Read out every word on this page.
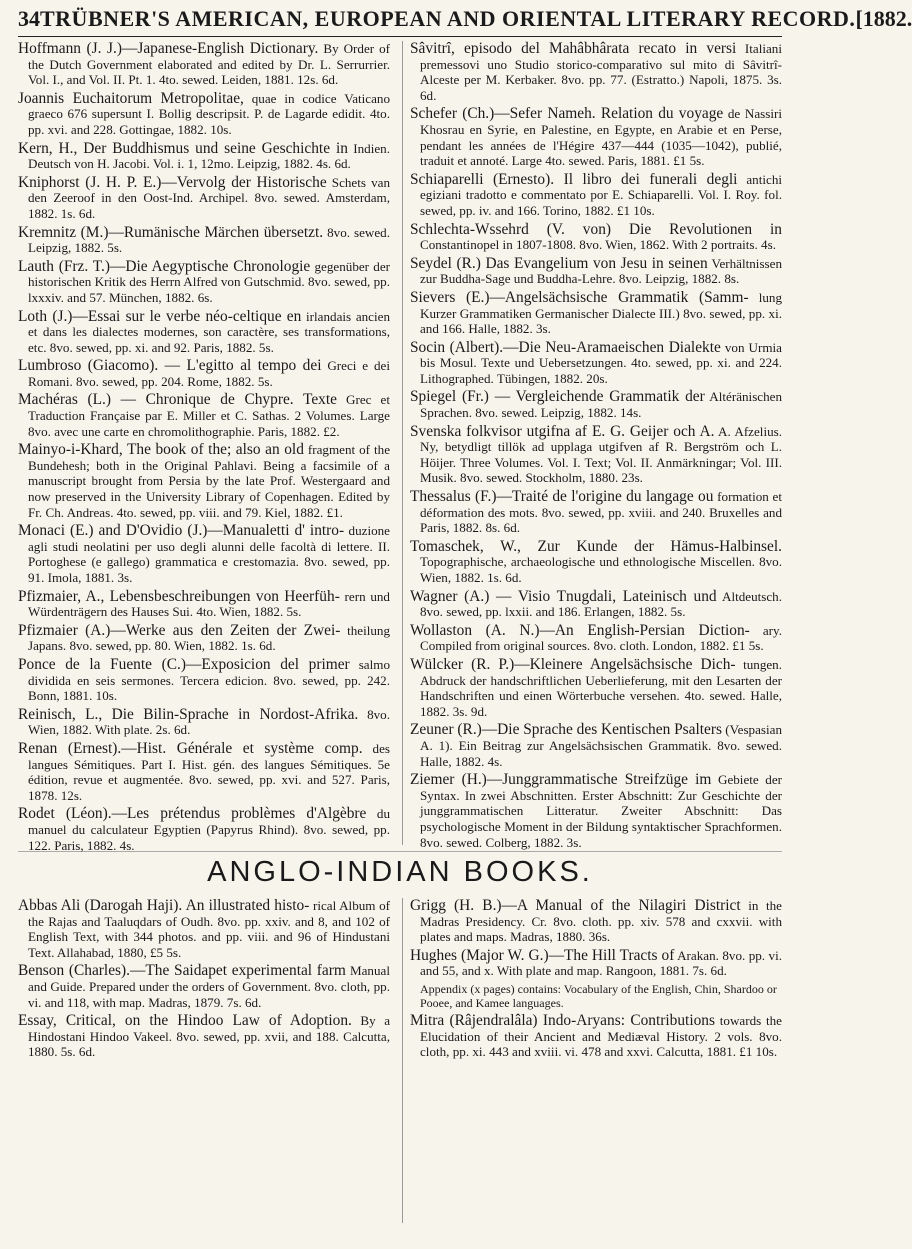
34 TRÜBNER'S AMERICAN, EUROPEAN AND ORIENTAL LITERARY RECORD. [1882.

Hoffmann (J. J.)—Japanese-English Dictionary. By Order of the Dutch Government elaborated and edited by Dr. L. Serrurrier. Vol. I., and Vol. II. Pt. 1. 4to. sewed. Leiden, 1881. 12s. 6d.

Joannis Euchaitorum Metropolitae, quae in codice Vaticano graeco 676 supersunt I. Bollig descripsit. P. de Lagarde edidit. 4to. pp. xvi. and 228. Gottingae, 1882. 10s.

Kern, H., Der Buddhismus und seine Geschichte in Indien. Deutsch von H. Jacobi. Vol. i. 1, 12mo. Leipzig, 1882. 4s. 6d.

Kniphorst (J. H. P. E.)—Vervolg der Historische Schets van den Zeeroof in den Oost-Ind. Archipel. 8vo. sewed. Amsterdam, 1882. 1s. 6d.

Kremnitz (M.)—Rumänische Märchen übersetzt. 8vo. sewed. Leipzig, 1882. 5s.

Lauth (Frz. T.)—Die Aegyptische Chronologie gegenüber der historischen Kritik des Herrn Alfred von Gutschmid. 8vo. sewed, pp. lxxxiv. and 57. München, 1882. 6s.

Loth (J.)—Essai sur le verbe néo-celtique en irlandais ancien et dans les dialectes modernes, son caractère, ses transformations, etc. 8vo. sewed, pp. xi. and 92. Paris, 1882. 5s.

Lumbroso (Giacomo). — L'egitto al tempo dei Greci e dei Romani. 8vo. sewed, pp. 204. Rome, 1882. 5s.

Machéras (L.) — Chronique de Chypre. Texte Grec et Traduction Française par E. Miller et C. Sathas. 2 Volumes. Large 8vo. avec une carte en chromolithographie. Paris, 1882. £2.

Mainyo-i-Khard, The book of the; also an old fragment of the Bundehesh; both in the Original Pahlavi. Being a facsimile of a manuscript brought from Persia by the late Prof. Westergaard and now preserved in the University Library of Copenhagen. Edited by Fr. Ch. Andreas. 4to. sewed, pp. viii. and 79. Kiel, 1882. £1.

Monaci (E.) and D'Ovidio (J.)—Manualetti d' intro- duzione agli studi neolatini per uso degli alunni delle facoltà di lettere. II. Portoghese (e gallego) grammatica e crestomazia. 8vo. sewed, pp. 91. Imola, 1881. 3s.

Pfizmaier, A., Lebensbeschreibungen von Heerfüh- rern und Würdenträgern des Hauses Sui. 4to. Wien, 1882. 5s.

Pfizmaier (A.)—Werke aus den Zeiten der Zwei- theilung Japans. 8vo. sewed, pp. 80. Wien, 1882. 1s. 6d.

Ponce de la Fuente (C.)—Exposicion del primer salmo dividida en seis sermones. Tercera edicion. 8vo. sewed, pp. 242. Bonn, 1881. 10s.

Reinisch, L., Die Bilin-Sprache in Nordost-Afrika. 8vo. Wien, 1882. With plate. 2s. 6d.

Renan (Ernest).—Hist. Générale et système comp. des langues Sémitiques. Part I. Hist. gén. des langues Sémitiques. 5e édition, revue et augmentée. 8vo. sewed, pp. xvi. and 527. Paris, 1878. 12s.

Rodet (Léon).—Les prétendus problèmes d'Algèbre du manuel du calculateur Egyptien (Papyrus Rhind). 8vo. sewed, pp. 122. Paris, 1882. 4s.

Sâvitrî, episodo del Mahâbhârata recato in versi Italiani premessovi uno Studio storico-comparativo sul mito di Sâvitrî-Alceste per M. Kerbaker. 8vo. pp. 77. (Estratto.) Napoli, 1875. 3s. 6d.

Schefer (Ch.)—Sefer Nameh. Relation du voyage de Nassiri Khosrau en Syrie, en Palestine, en Egypte, en Arabie et en Perse, pendant les années de l'Hégire 437—444 (1035—1042), publié, traduit et annoté. Large 4to. sewed. Paris, 1881. £1 5s.

Schiaparelli (Ernesto). Il libro dei funerali degli antichi egiziani tradotto e commentato por E. Schiaparelli. Vol. I. Roy. fol. sewed, pp. iv. and 166. Torino, 1882. £1 10s.

Schlechta-Wssehrd (V. von) Die Revolutionen in Constantinopel in 1807-1808. 8vo. Wien, 1862. With 2 portraits. 4s.

Seydel (R.) Das Evangelium von Jesu in seinen Verhältnissen zur Buddha-Sage und Buddha-Lehre. 8vo. Leipzig, 1882. 8s.

Sievers (E.)—Angelsächsische Grammatik (Samm- lung Kurzer Grammatiken Germanischer Dialecte III.) 8vo. sewed, pp. xi. and 166. Halle, 1882. 3s.

Socin (Albert).—Die Neu-Aramaeischen Dialekte von Urmia bis Mosul. Texte und Uebersetzungen. 4to. sewed, pp. xi. and 224. Lithographed. Tübingen, 1882. 20s.

Spiegel (Fr.) — Vergleichende Grammatik der Altéränischen Sprachen. 8vo. sewed. Leipzig, 1882. 14s.

Svenska folkvisor utgifna af E. G. Geijer och A. A. Afzelius. Ny, betydligt tillök ad upplaga utgifven af R. Bergström och L. Höijer. Three Volumes. Vol. I. Text; Vol. II. Anmärkningar; Vol. III. Musik. 8vo. sewed. Stockholm, 1880. 23s.

Thessalus (F.)—Traité de l'origine du langage ou formation et déformation des mots. 8vo. sewed, pp. xviii. and 240. Bruxelles and Paris, 1882. 8s. 6d.

Tomaschek, W., Zur Kunde der Hämus-Halbinsel. Topographische, archaeologische und ethnologische Miscellen. 8vo. Wien, 1882. 1s. 6d.

Wagner (A.) — Visio Tnugdali, Lateinisch und Altdeutsch. 8vo. sewed, pp. lxxii. and 186. Erlangen, 1882. 5s.

Wollaston (A. N.)—An English-Persian Diction- ary. Compiled from original sources. 8vo. cloth. London, 1882. £1 5s.

Wülcker (R. P.)—Kleinere Angelsächsische Dich- tungen. Abdruck der handschriftlichen Ueberlieferung, mit den Lesarten der Handschriften und einen Wörterbuche versehen. 4to. sewed. Halle, 1882. 3s. 9d.

Zeuner (R.)—Die Sprache des Kentischen Psalters (Vespasian A. 1). Ein Beitrag zur Angelsächsischen Grammatik. 8vo. sewed. Halle, 1882. 4s.

Ziemer (H.)—Junggrammatische Streifzüge im Gebiete der Syntax. In zwei Abschnitten. Erster Abschnitt: Zur Geschichte der junggrammatischen Litteratur. Zweiter Abschnitt: Das psychologische Moment in der Bildung syntaktischer Sprachformen. 8vo. sewed. Colberg, 1882. 3s.

ANGLO-INDIAN BOOKS.

Abbas Ali (Darogah Haji). An illustrated histo- rical Album of the Rajas and Taaluqdars of Oudh. 8vo. pp. xxiv. and 8, and 102 of English Text, with 344 photos. and pp. viii. and 96 of Hindustani Text. Allahabad, 1880, £5 5s.

Benson (Charles).—The Saidapet experimental farm Manual and Guide. Prepared under the orders of Government. 8vo. cloth, pp. vi. and 118, with map. Madras, 1879. 7s. 6d.

Essay, Critical, on the Hindoo Law of Adoption. By a Hindostani Hindoo Vakeel. 8vo. sewed, pp. xvii, and 188. Calcutta, 1880. 5s. 6d.

Grigg (H. B.)—A Manual of the Nilagiri District in the Madras Presidency. Cr. 8vo. cloth. pp. xiv. 578 and cxxvii. with plates and maps. Madras, 1880. 36s.

Hughes (Major W. G.)—The Hill Tracts of Arakan. 8vo. pp. vi. and 55, and x. With plate and map. Rangoon, 1881. 7s. 6d.

Appendix (x pages) contains: Vocabulary of the English, Chin, Shardoo or Pooee, and Kamee languages.

Mitra (Râjendralâla) Indo-Aryans: Contributions towards the Elucidation of their Ancient and Mediæval History. 2 vols. 8vo. cloth, pp. xi. 443 and xviii. vi. 478 and xxvi. Calcutta, 1881. £1 10s.
